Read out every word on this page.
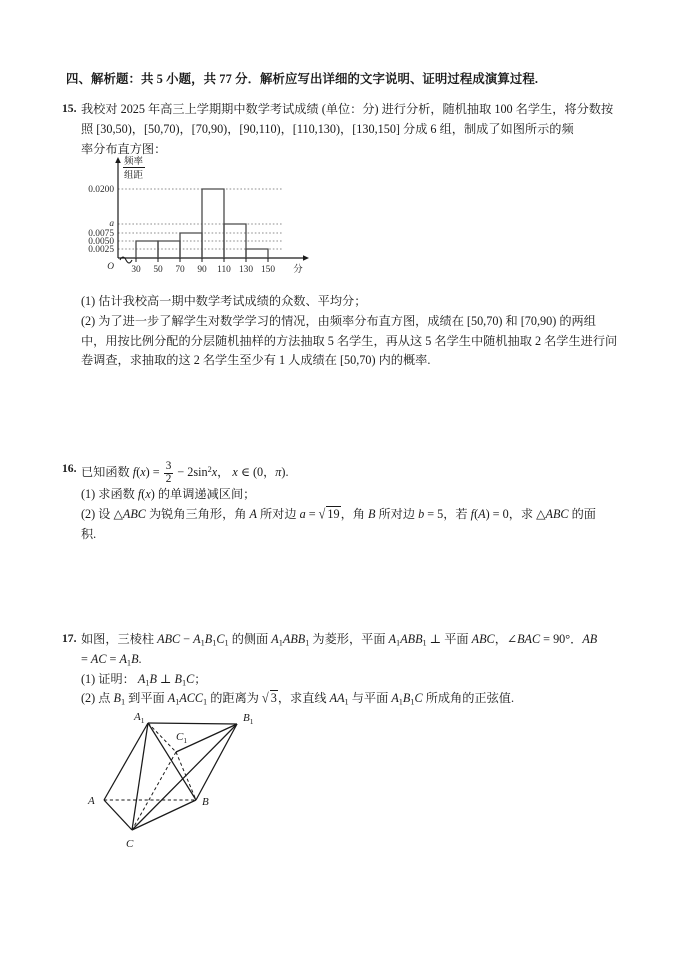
四、解析题：共 5 小题，共 77 分．解析应写出详细的文字说明、证明过程成演算过程.
15. 我校对 2025 年高三上学期期中数学考试成绩 (单位：分) 进行分析，随机抽取 100 名学生，将分数按

照 [30,50)，[50,70)，[70,90)，[90,110)，[110,130)，[130,150] 分成 6 组，制成了如图所示的频

率分布直方图：

频率
组距
0.0200
a
0.0075
0.0050
0.0025
O 30 50 70 90 110 130 150 分

(1) 估计我校高一期中数学考试成绩的众数、平均分；

(2) 为了进一步了解学生对数学学习的情况，由频率分布直方图，成绩在 [50,70) 和 [70,90) 的两组

中，用按比例分配的分层随机抽样的方法抽取 5 名学生，再从这 5 名学生中随机抽取 2 名学生进行问

卷调查，求抽取的这 2 名学生至少有 1 人成绩在 [50,70) 内的概率.

16. 已知函数 $f(x) = \frac{3}{2} - 2\sin^2x$， x ∈ (0，π).

(1) 求函数 f(x) 的单调递减区间；

(2) 设 △ABC 为锐角三角形，角 A 所对边 a = √ 19，角 B 所对边 b = 5，若 f(A) = 0，求 △ABC 的面

积.

17. 如图，三棱柱 ABC − $A_1B_1C_1$ 的侧面 $A_1ABB_1$ 为菱形，平面 $A_1ABB_1$ ⊥ 平面 ABC，∠BAC = 90°．AB

= AC = $A_1B$.

(1) 证明： $A_1B$ ⊥ $B_1C$；

(2) 点 $B_1$ 到平面 $A_1ACC_1$ 的距离为 √ 3，求直线 $AA_1$ 与平面 $A_1B_1C$ 所成角的正弦值.

$A_1$	$B_1$
$C_1$
A	B
C
